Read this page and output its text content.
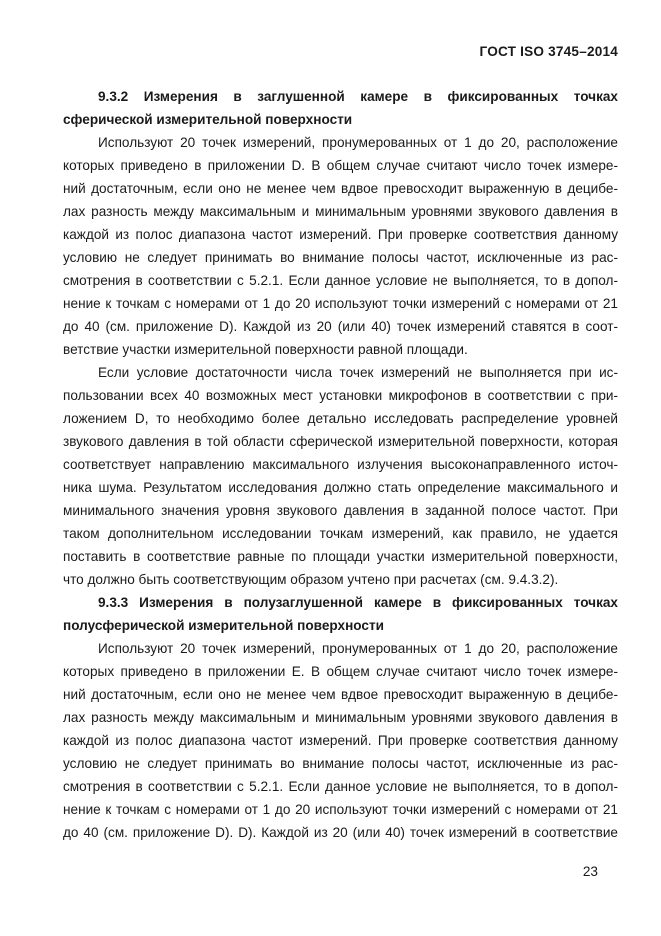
ГОСТ ISO 3745–2014
9.3.2 Измерения в заглушенной камере в фиксированных точках
сферической измерительной поверхности
Используют 20 точек измерений, пронумерованных от 1 до 20, расположение
которых приведено в приложении D. В общем случае считают число точек измере-
ний достаточным, если оно не менее чем вдвое превосходит выраженную в децибе-
лах разность между максимальным и минимальным уровнями звукового давления в
каждой из полос диапазона частот измерений. При проверке соответствия данному
условию не следует принимать во внимание полосы частот, исключенные из рас-
смотрения в соответствии с 5.2.1. Если данное условие не выполняется, то в допол-
нение к точкам с номерами от 1 до 20 используют точки измерений с номерами от 21
до 40 (см. приложение D). Каждой из 20 (или 40) точек измерений ставятся в соот-
ветствие участки измерительной поверхности равной площади.
Если условие достаточности числа точек измерений не выполняется при ис-
пользовании всех 40 возможных мест установки микрофонов в соответствии с при-
ложением D, то необходимо более детально исследовать распределение уровней
звукового давления в той области сферической измерительной поверхности, которая
соответствует направлению максимального излучения высоконаправленного источ-
ника шума. Результатом исследования должно стать определение максимального и
минимального значения уровня звукового давления в заданной полосе частот. При
таком дополнительном исследовании точкам измерений, как правило, не удается
поставить в соответствие равные по площади участки измерительной поверхности,
что должно быть соответствующим образом учтено при расчетах (см. 9.4.3.2).
9.3.3 Измерения в полузаглушенной камере в фиксированных точках
полусферической измерительной поверхности
Используют 20 точек измерений, пронумерованных от 1 до 20, расположение
которых приведено в приложении E. В общем случае считают число точек измере-
ний достаточным, если оно не менее чем вдвое превосходит выраженную в децибе-
лах разность между максимальным и минимальным уровнями звукового давления в
каждой из полос диапазона частот измерений. При проверке соответствия данному
условию не следует принимать во внимание полосы частот, исключенные из рас-
смотрения в соответствии с 5.2.1. Если данное условие не выполняется, то в допол-
нение к точкам с номерами от 1 до 20 используют точки измерений с номерами от 21
до 40 (см. приложение D). D). Каждой из 20 (или 40) точек измерений в соответствие
23
